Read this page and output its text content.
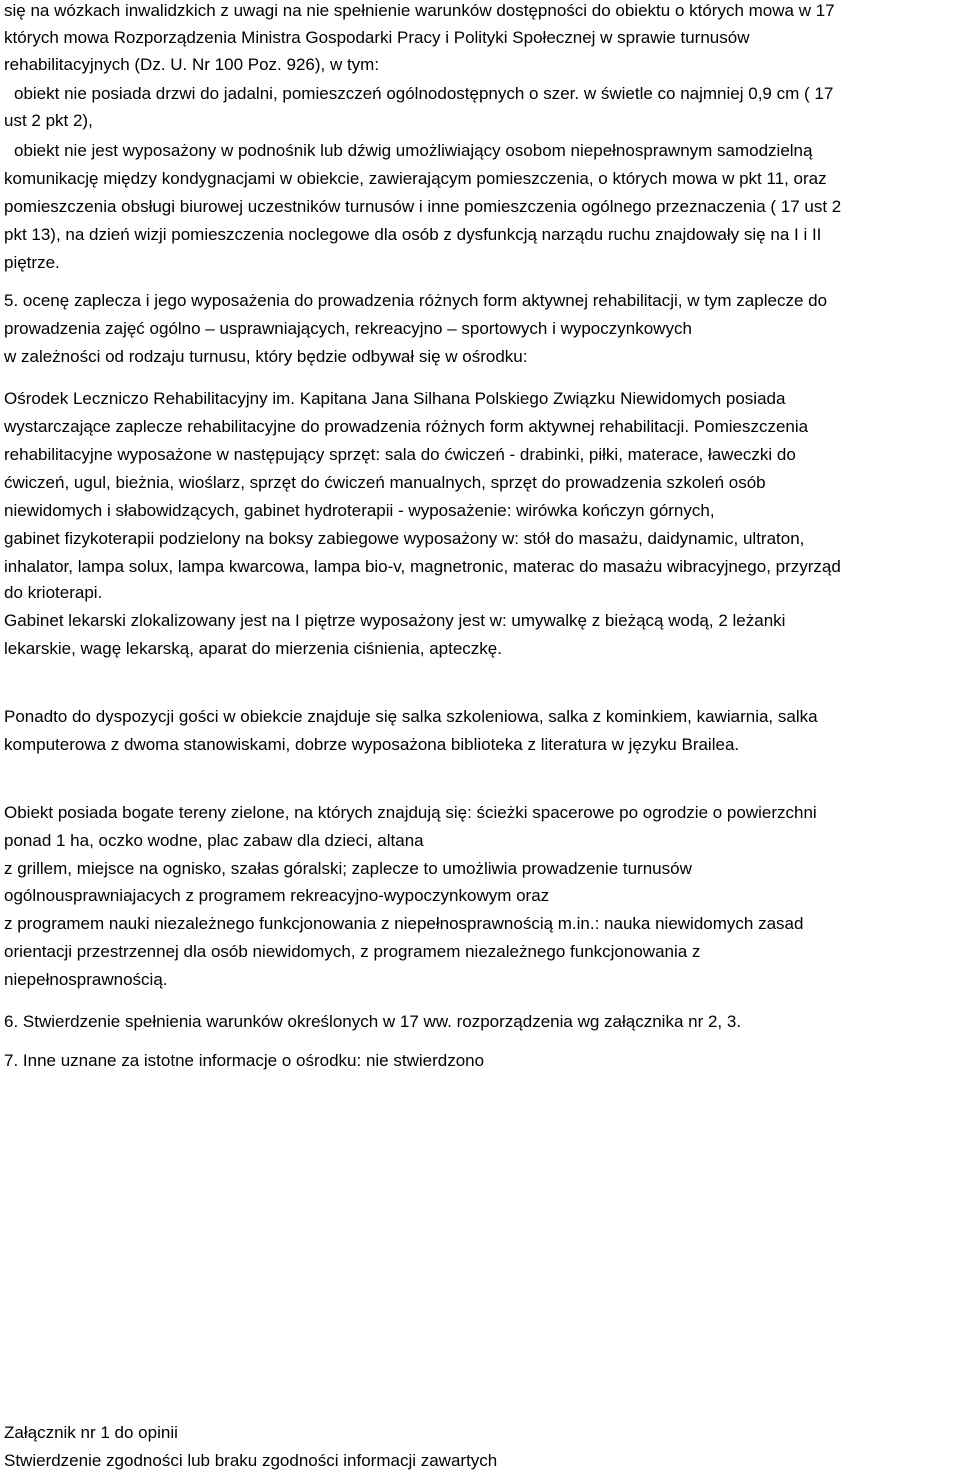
się na wózkach inwalidzkich z uwagi na nie spełnienie warunków dostępności do obiektu o których mowa w 17

których mowa Rozporządzenia Ministra Gospodarki Pracy i Polityki Społecznej w sprawie turnusów

rehabilitacyjnych (Dz. U. Nr 100 Poz. 926), w tym:

obiekt nie posiada drzwi do jadalni, pomieszczeń ogólnodostępnych o szer. w świetle co najmniej 0,9 cm ( 17

ust 2 pkt 2),

obiekt nie jest wyposażony w podnośnik lub dźwig umożliwiający osobom niepełnosprawnym samodzielną

komunikację między kondygnacjami w obiekcie, zawierającym pomieszczenia, o których mowa w pkt 11, oraz

pomieszczenia obsługi biurowej uczestników turnusów i inne pomieszczenia ogólnego przeznaczenia ( 17 ust 2

pkt 13), na dzień wizji pomieszczenia noclegowe dla osób z dysfunkcją narządu ruchu znajdowały się na I i II

piętrze.

5. ocenę zaplecza i jego wyposażenia do prowadzenia różnych form aktywnej rehabilitacji, w tym zaplecze do

prowadzenia zajęć ogólno – usprawniających, rekreacyjno – sportowych i wypoczynkowych

w zależności od rodzaju turnusu, który będzie odbywał się w ośrodku:

Ośrodek Leczniczo Rehabilitacyjny im. Kapitana Jana Silhana Polskiego Związku Niewidomych posiada

wystarczające zaplecze rehabilitacyjne do prowadzenia różnych form aktywnej rehabilitacji. Pomieszczenia

rehabilitacyjne wyposażone w następujący sprzęt: sala do ćwiczeń - drabinki, piłki, materace, ławeczki do

ćwiczeń, ugul, bieżnia, wioślarz, sprzęt do ćwiczeń manualnych, sprzęt do prowadzenia szkoleń osób

niewidomych i słabowidzących, gabinet hydroterapii - wyposażenie: wirówka kończyn górnych,

gabinet fizykoterapii podzielony na boksy zabiegowe wyposażony w: stół do masażu, daidynamic, ultraton,

inhalator, lampa solux, lampa kwarcowa, lampa bio-v, magnetronic, materac do masażu wibracyjnego, przyrząd

do krioterapi.

Gabinet lekarski zlokalizowany jest na I piętrze wyposażony jest w: umywalkę z bieżącą wodą, 2 leżanki

lekarskie, wagę lekarską, aparat do mierzenia ciśnienia, apteczkę.

Ponadto do dyspozycji gości w obiekcie znajduje się salka szkoleniowa, salka z kominkiem, kawiarnia, salka

komputerowa z dwoma stanowiskami, dobrze wyposażona biblioteka z literatura w języku Brailea.

Obiekt posiada bogate tereny zielone, na których znajdują się: ścieżki spacerowe po ogrodzie o powierzchni

ponad 1 ha, oczko wodne, plac zabaw dla dzieci, altana

z grillem, miejsce na ognisko, szałas góralski; zaplecze to umożliwia prowadzenie turnusów

ogólnousprawniajacych z programem rekreacyjno-wypoczynkowym oraz

z programem nauki niezależnego funkcjonowania z niepełnosprawnością m.in.: nauka niewidomych zasad

orientacji przestrzennej dla osób niewidomych, z programem niezależnego funkcjonowania z

niepełnosprawnością.

6. Stwierdzenie spełnienia warunków określonych w 17 ww. rozporządzenia wg załącznika nr 2, 3.

7. Inne uznane za istotne informacje o ośrodku: nie stwierdzono

Załącznik nr 1 do opinii

Stwierdzenie zgodności lub braku zgodności informacji zawartych
